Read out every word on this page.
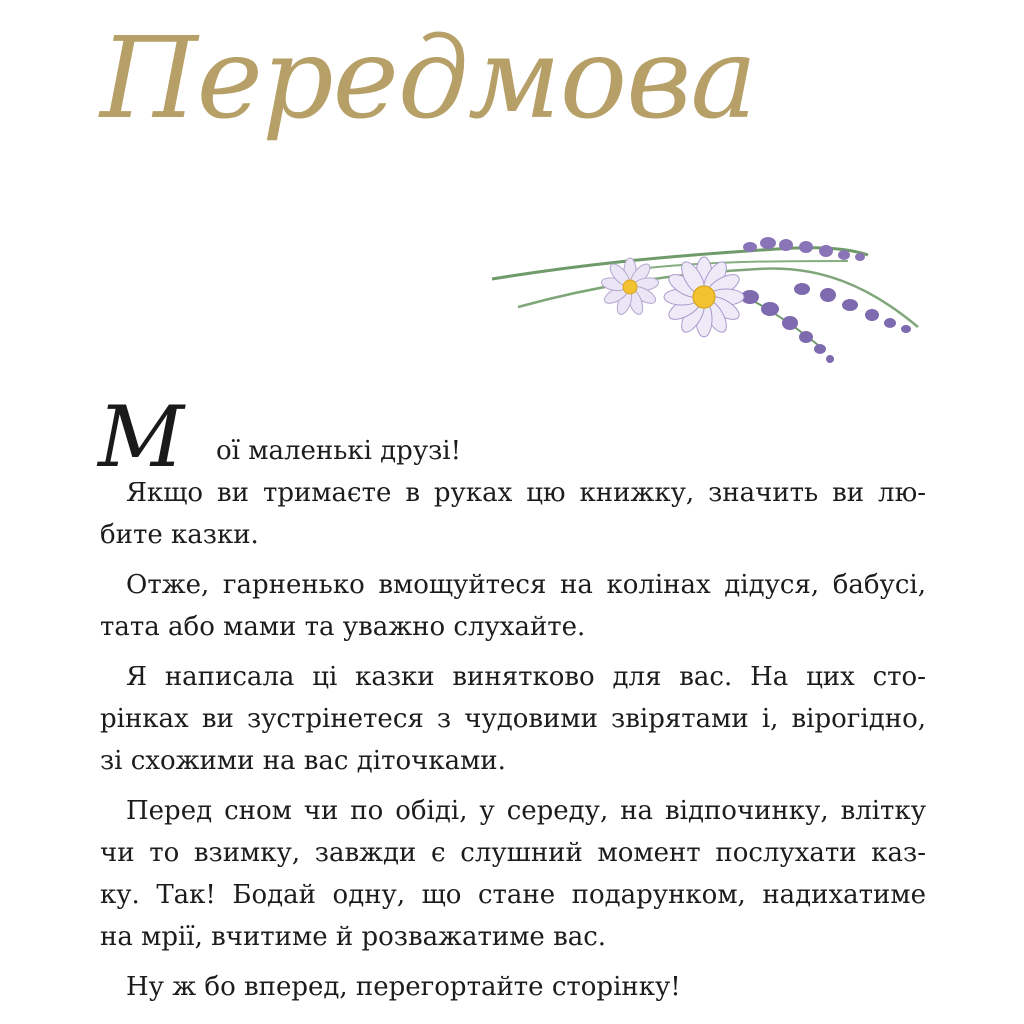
Передмова
М ої маленькі друзі!
Якщо ви тримаєте в руках цю книжку, значить ви лю-
бите казки.
Отже, гарненько вмощуйтеся на колінах дідуся, бабусі,
тата або мами та уважно слухайте.
Я написала ці казки винятково для вас. На цих сто-
рінках ви зустрінетеся з чудовими звірятами і, вірогідно,
зі схожими на вас діточками.
Перед сном чи по обіді, у середу, на відпочинку, влітку
чи то взимку, завжди є слушний момент послухати каз-
ку. Так! Бодай одну, що стане подарунком, надихатиме
на мрії, вчитиме й розважатиме вас.
Ну ж бо вперед, перегортайте сторінку!
